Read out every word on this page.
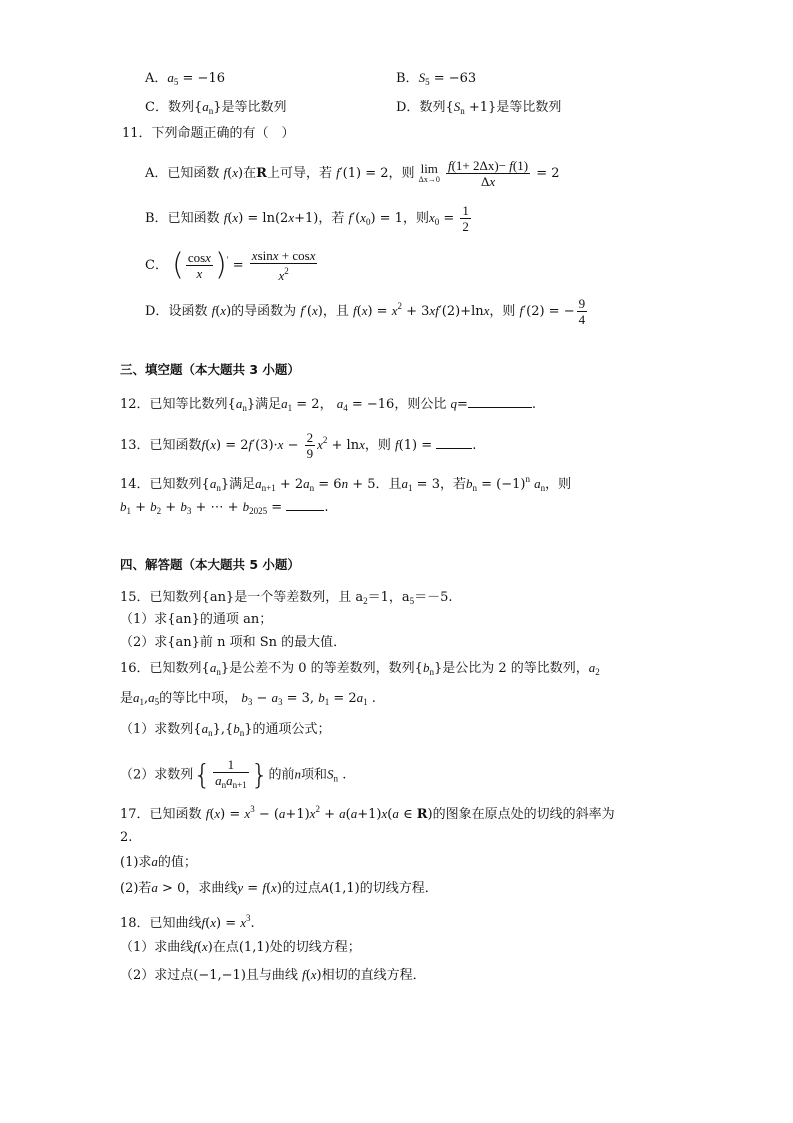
A．$a_5 = -16$	B．$S_5 = -63$
C．数列$\{a_n\}$是等比数列	D．数列$\{S_n +1\}$是等比数列
11．下列命题正确的有（　）
A．已知函数 f(x)在R上可导，若 f′(1) = 2，则 lim
Δx→0
$\frac{f(1+ 2\Delta x)- f(1)}{\Delta x} = 2$
B．已知函数 f(x) = ln(2x+1)，若 $f'(x_0) = 1$，则$x_0 = \frac{1}{2}$
C． ( $\frac{\cos x}{x} )' = \frac{xsinx + \cos x}{x^2}$
D．设函数 f(x)的导函数为 f′(x)，且 $f(x) = x^2 + 3xf'(2)+\ln x$，则 f′(2) = − $\frac{9}{4}$
三、填空题（本大题共 3 小题）
12．已知等比数列$\{a_n\}$满足$a_1 = 2$， $a_4 = -16$，则公比 q=	.
13．已知函数$f(x) = 2f'(3)\cdot x - \frac{2}{9} x^2 + \ln x$，则 f(1) =	.
14．已知数列$\{a_n\}$满足$a_{n+1} + 2a_n = 6n + 5$．且$a_1 = 3$，若$b_n = (-1)^n$ $a_n$，则
$b_1 + b_2 + b_3$ + ⋯ + $b_{2025}$ =	.
四、解答题（本大题共 5 小题）
15．已知数列{an}是一个等差数列，且 $a_2=1$，$a_5=-5$.
（1）求{an}的通项 an；
（2）求{an}前 n 项和 Sn 的最大值．
16．已知数列$\{a_n\}$是公差不为 0 的等差数列，数列$\{b_n\}$是公比为 2 的等比数列，$a_2$
是$a_1,a_5$的等比中项， $b_3 - a_3 = 3$, $b_1 = 2a_1$ .
（1）求数列$\{a_n\},\{b_n\}$的通项公式；
（2）求数列{ $\frac{1}{a_na_{n+1}}$ }的前n项和$S_n$ .
17．已知函数 $f(x) = x^3 - (a+1)x^2 + a(a+1)x(a$ ∈ R)的图象在原点处的切线的斜率为
2.
(1)求a的值；
(2)若a > 0，求曲线y = f(x)的过点A(1,1)的切线方程．
18．已知曲线$f(x) = x^3$.
（1）求曲线f(x)在点(1,1)处的切线方程；
（2）求过点(−1,−1)且与曲线 f(x)相切的直线方程．
